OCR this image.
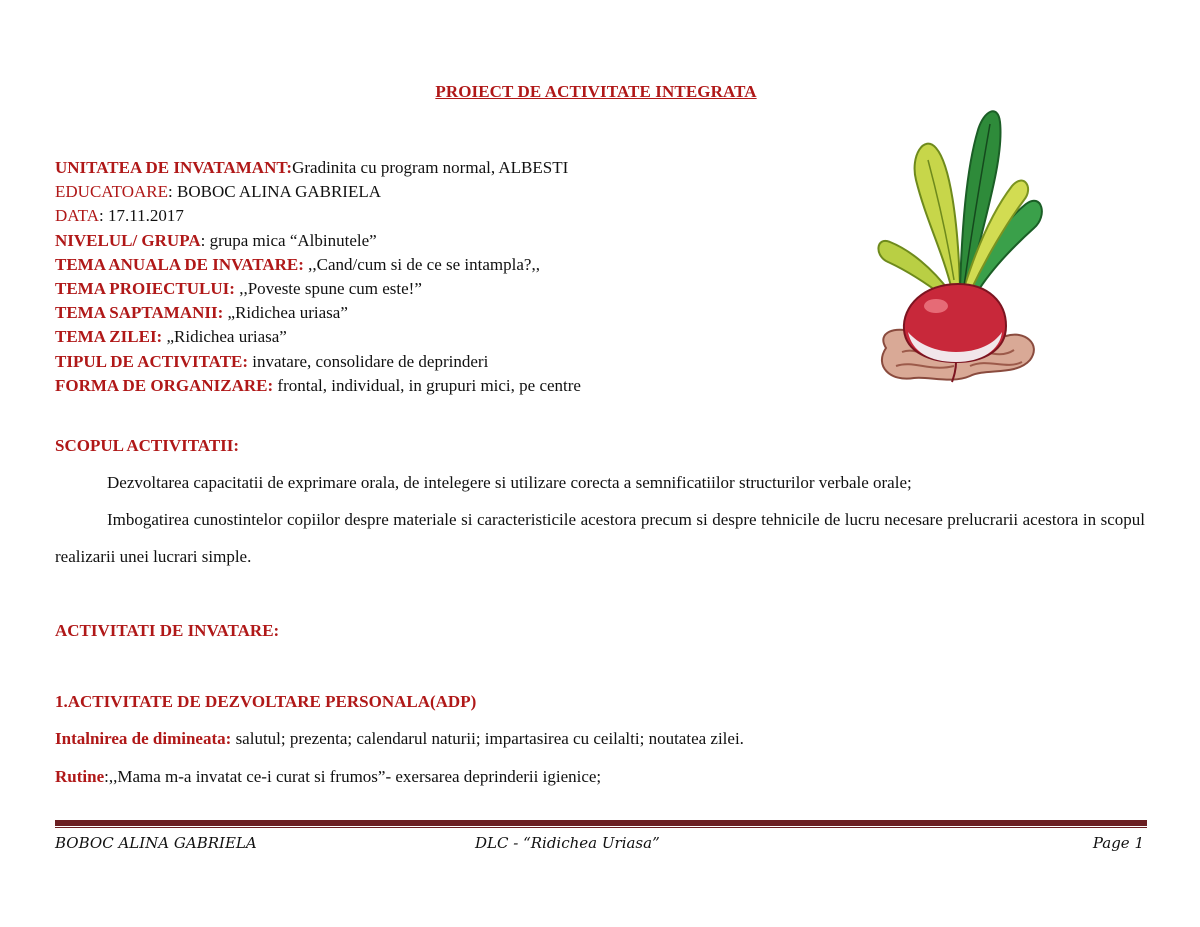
PROIECT DE ACTIVITATE INTEGRATA
UNITATEA DE INVATAMANT:Gradinita cu program normal, ALBESTI
EDUCATOARE: BOBOC ALINA GABRIELA
DATA: 17.11.2017
NIVELUL/ GRUPA: grupa mica “Albinutele”
TEMA ANUALA DE INVATARE: ,,Cand/cum si de ce se intampla?,,
TEMA PROIECTULUI: ,,Poveste spune cum este!”
TEMA SAPTAMANII: „Ridichea uriasa”
TEMA ZILEI: „Ridichea uriasa”
TIPUL DE ACTIVITATE: invatare, consolidare de deprinderi
FORMA DE ORGANIZARE: frontal, individual, in grupuri mici, pe centre
SCOPUL ACTIVITATII:
Dezvoltarea capacitatii de exprimare orala, de intelegere si utilizare corecta a semnificatiilor structurilor verbale orale;
Imbogatirea cunostintelor copiilor despre materiale si caracteristicile acestora precum si despre tehnicile de lucru necesare prelucrarii acestora in scopul realizarii unei lucrari simple.
ACTIVITATI DE INVATARE:
1.ACTIVITATE DE DEZVOLTARE PERSONALA(ADP)
Intalnirea de dimineata: salutul; prezenta; calendarul naturii; impartasirea cu ceilalti; noutatea zilei.
Rutine:,,Mama m-a invatat ce-i curat si frumos”- exersarea deprinderii igienice;
BOBOC ALINA GABRIELA	DLC - “Ridichea Uriasa”	Page 1
